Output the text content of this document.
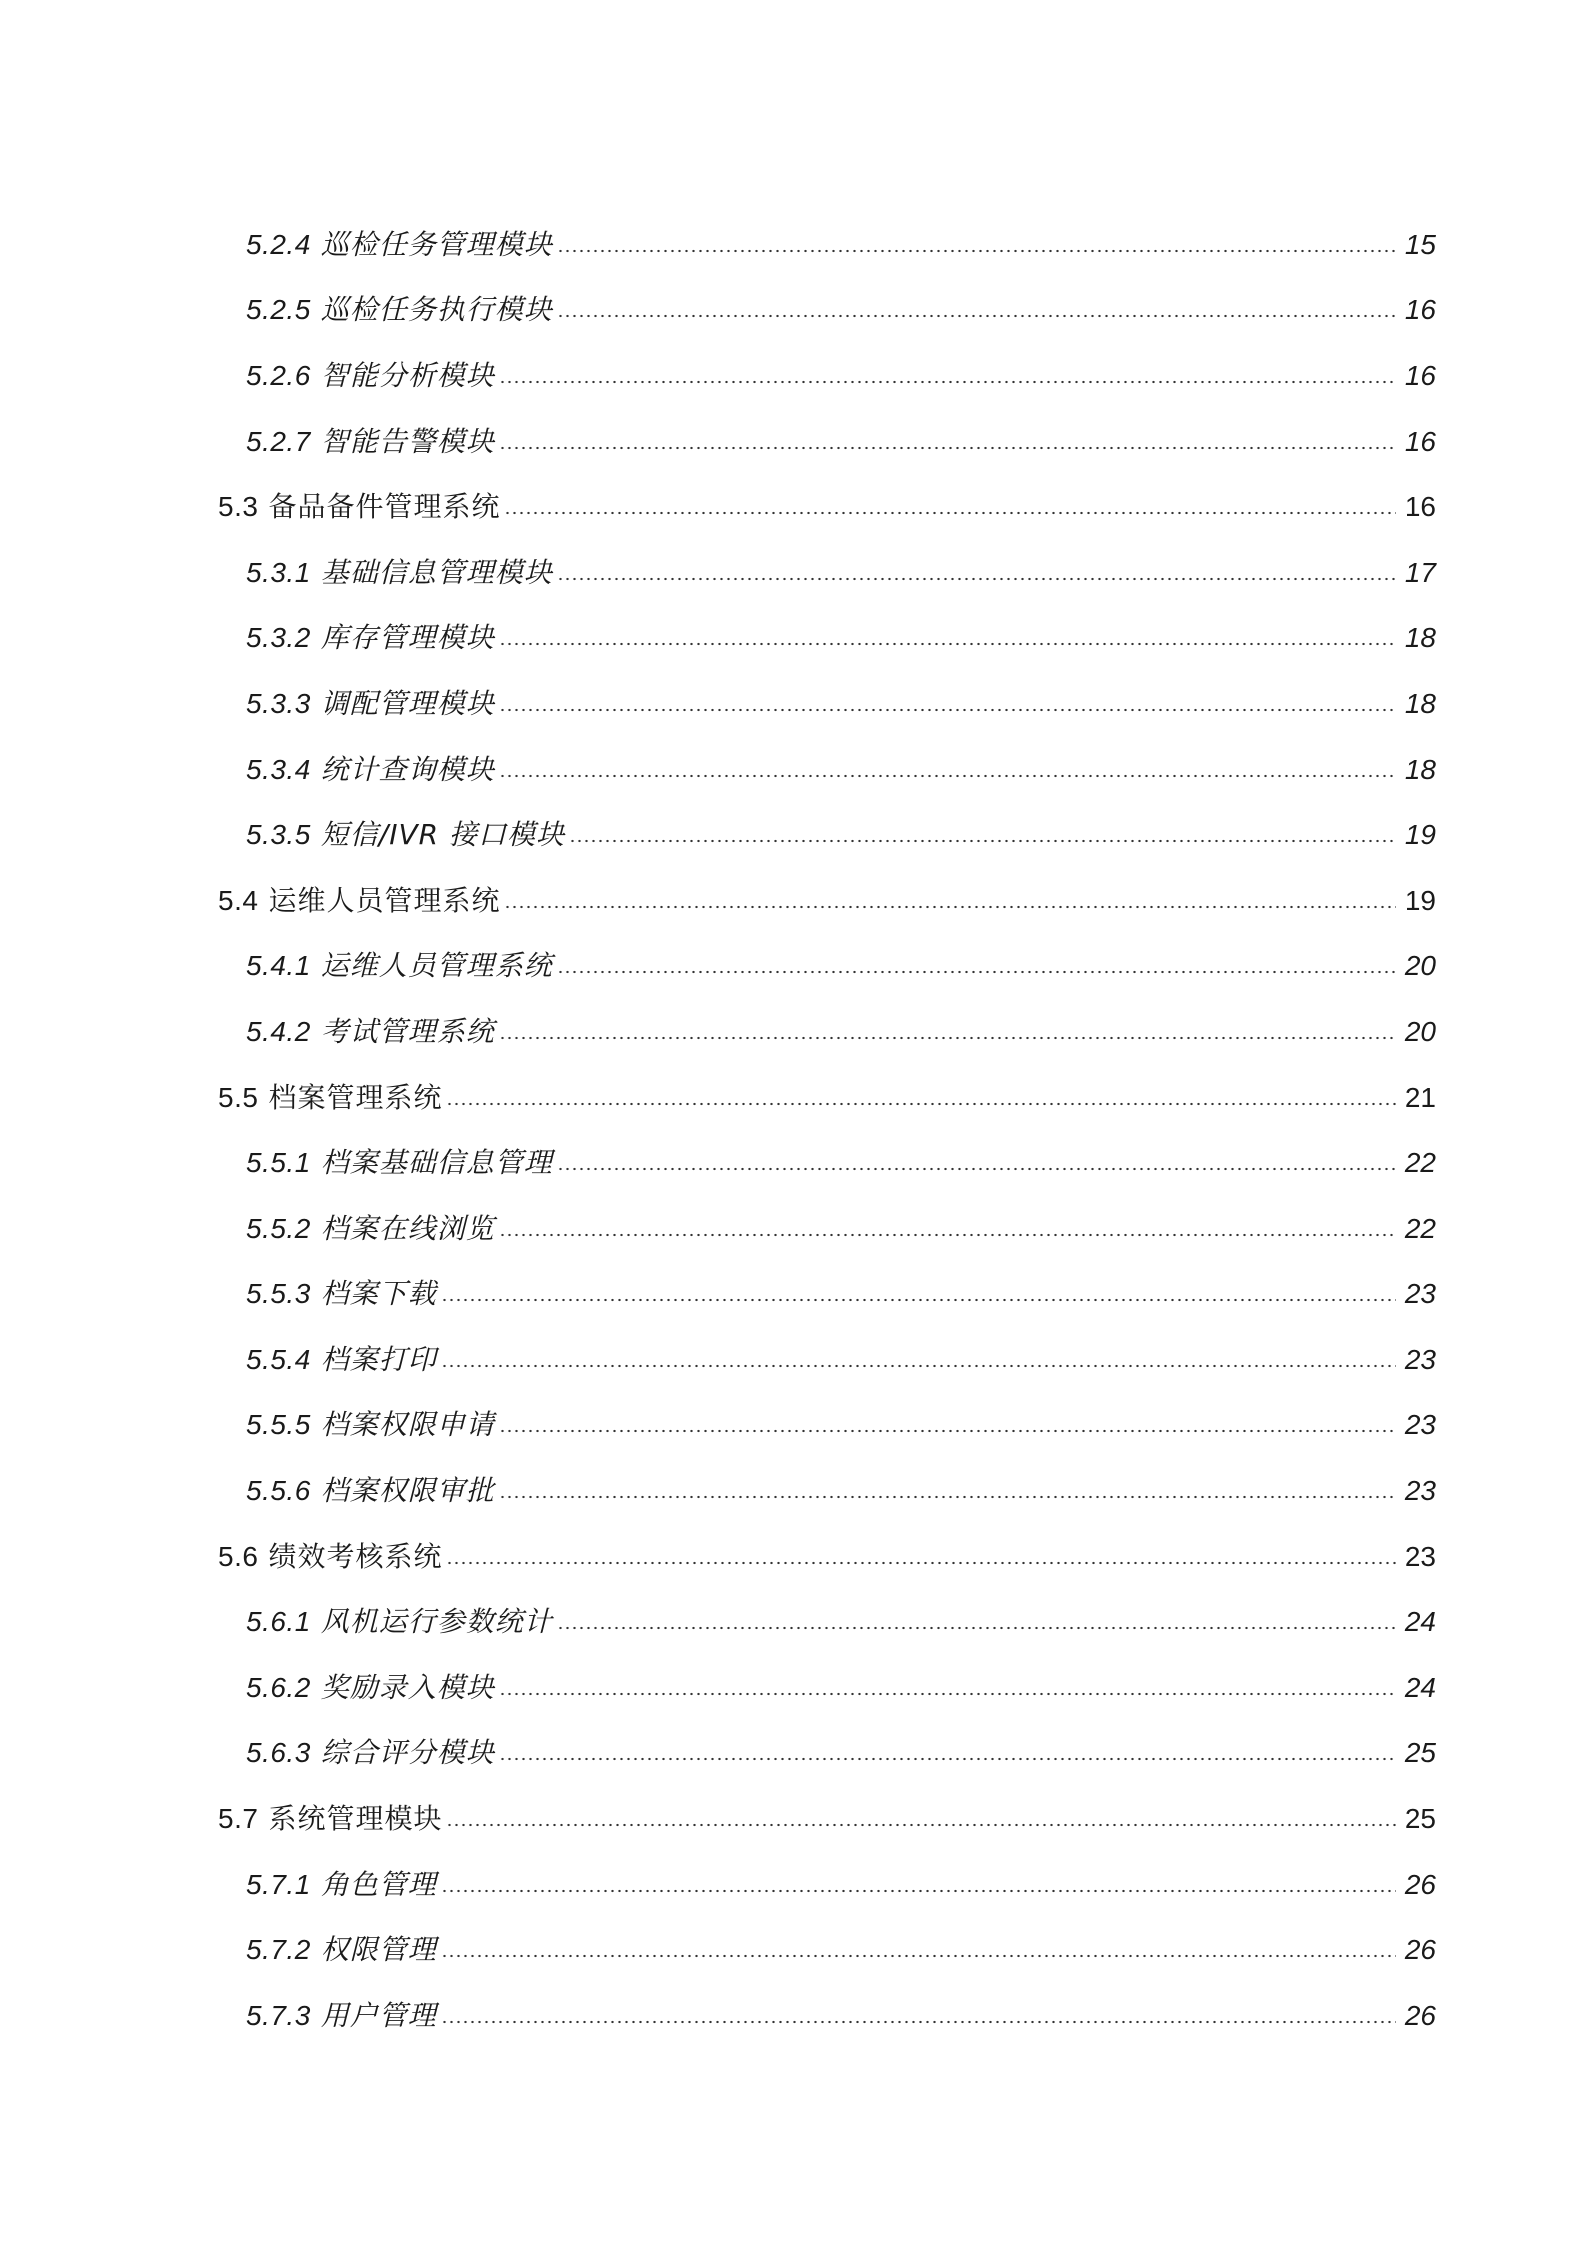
5.2.4 巡检任务管理模块	15
5.2.5 巡检任务执行模块	16
5.2.6 智能分析模块	16
5.2.7 智能告警模块	16
5.3 备品备件管理系统	16
5.3.1 基础信息管理模块	17
5.3.2 库存管理模块	18
5.3.3 调配管理模块	18
5.3.4 统计查询模块	18
5.3.5 短信/IVR 接口模块	19
5.4 运维人员管理系统	19
5.4.1 运维人员管理系统	20
5.4.2 考试管理系统	20
5.5 档案管理系统	21
5.5.1 档案基础信息管理	22
5.5.2 档案在线浏览	22
5.5.3 档案下载	23
5.5.4 档案打印	23
5.5.5 档案权限申请	23
5.5.6 档案权限审批	23
5.6 绩效考核系统	23
5.6.1 风机运行参数统计	24
5.6.2 奖励录入模块	24
5.6.3 综合评分模块	25
5.7 系统管理模块	25
5.7.1 角色管理	26
5.7.2 权限管理	26
5.7.3 用户管理	26
